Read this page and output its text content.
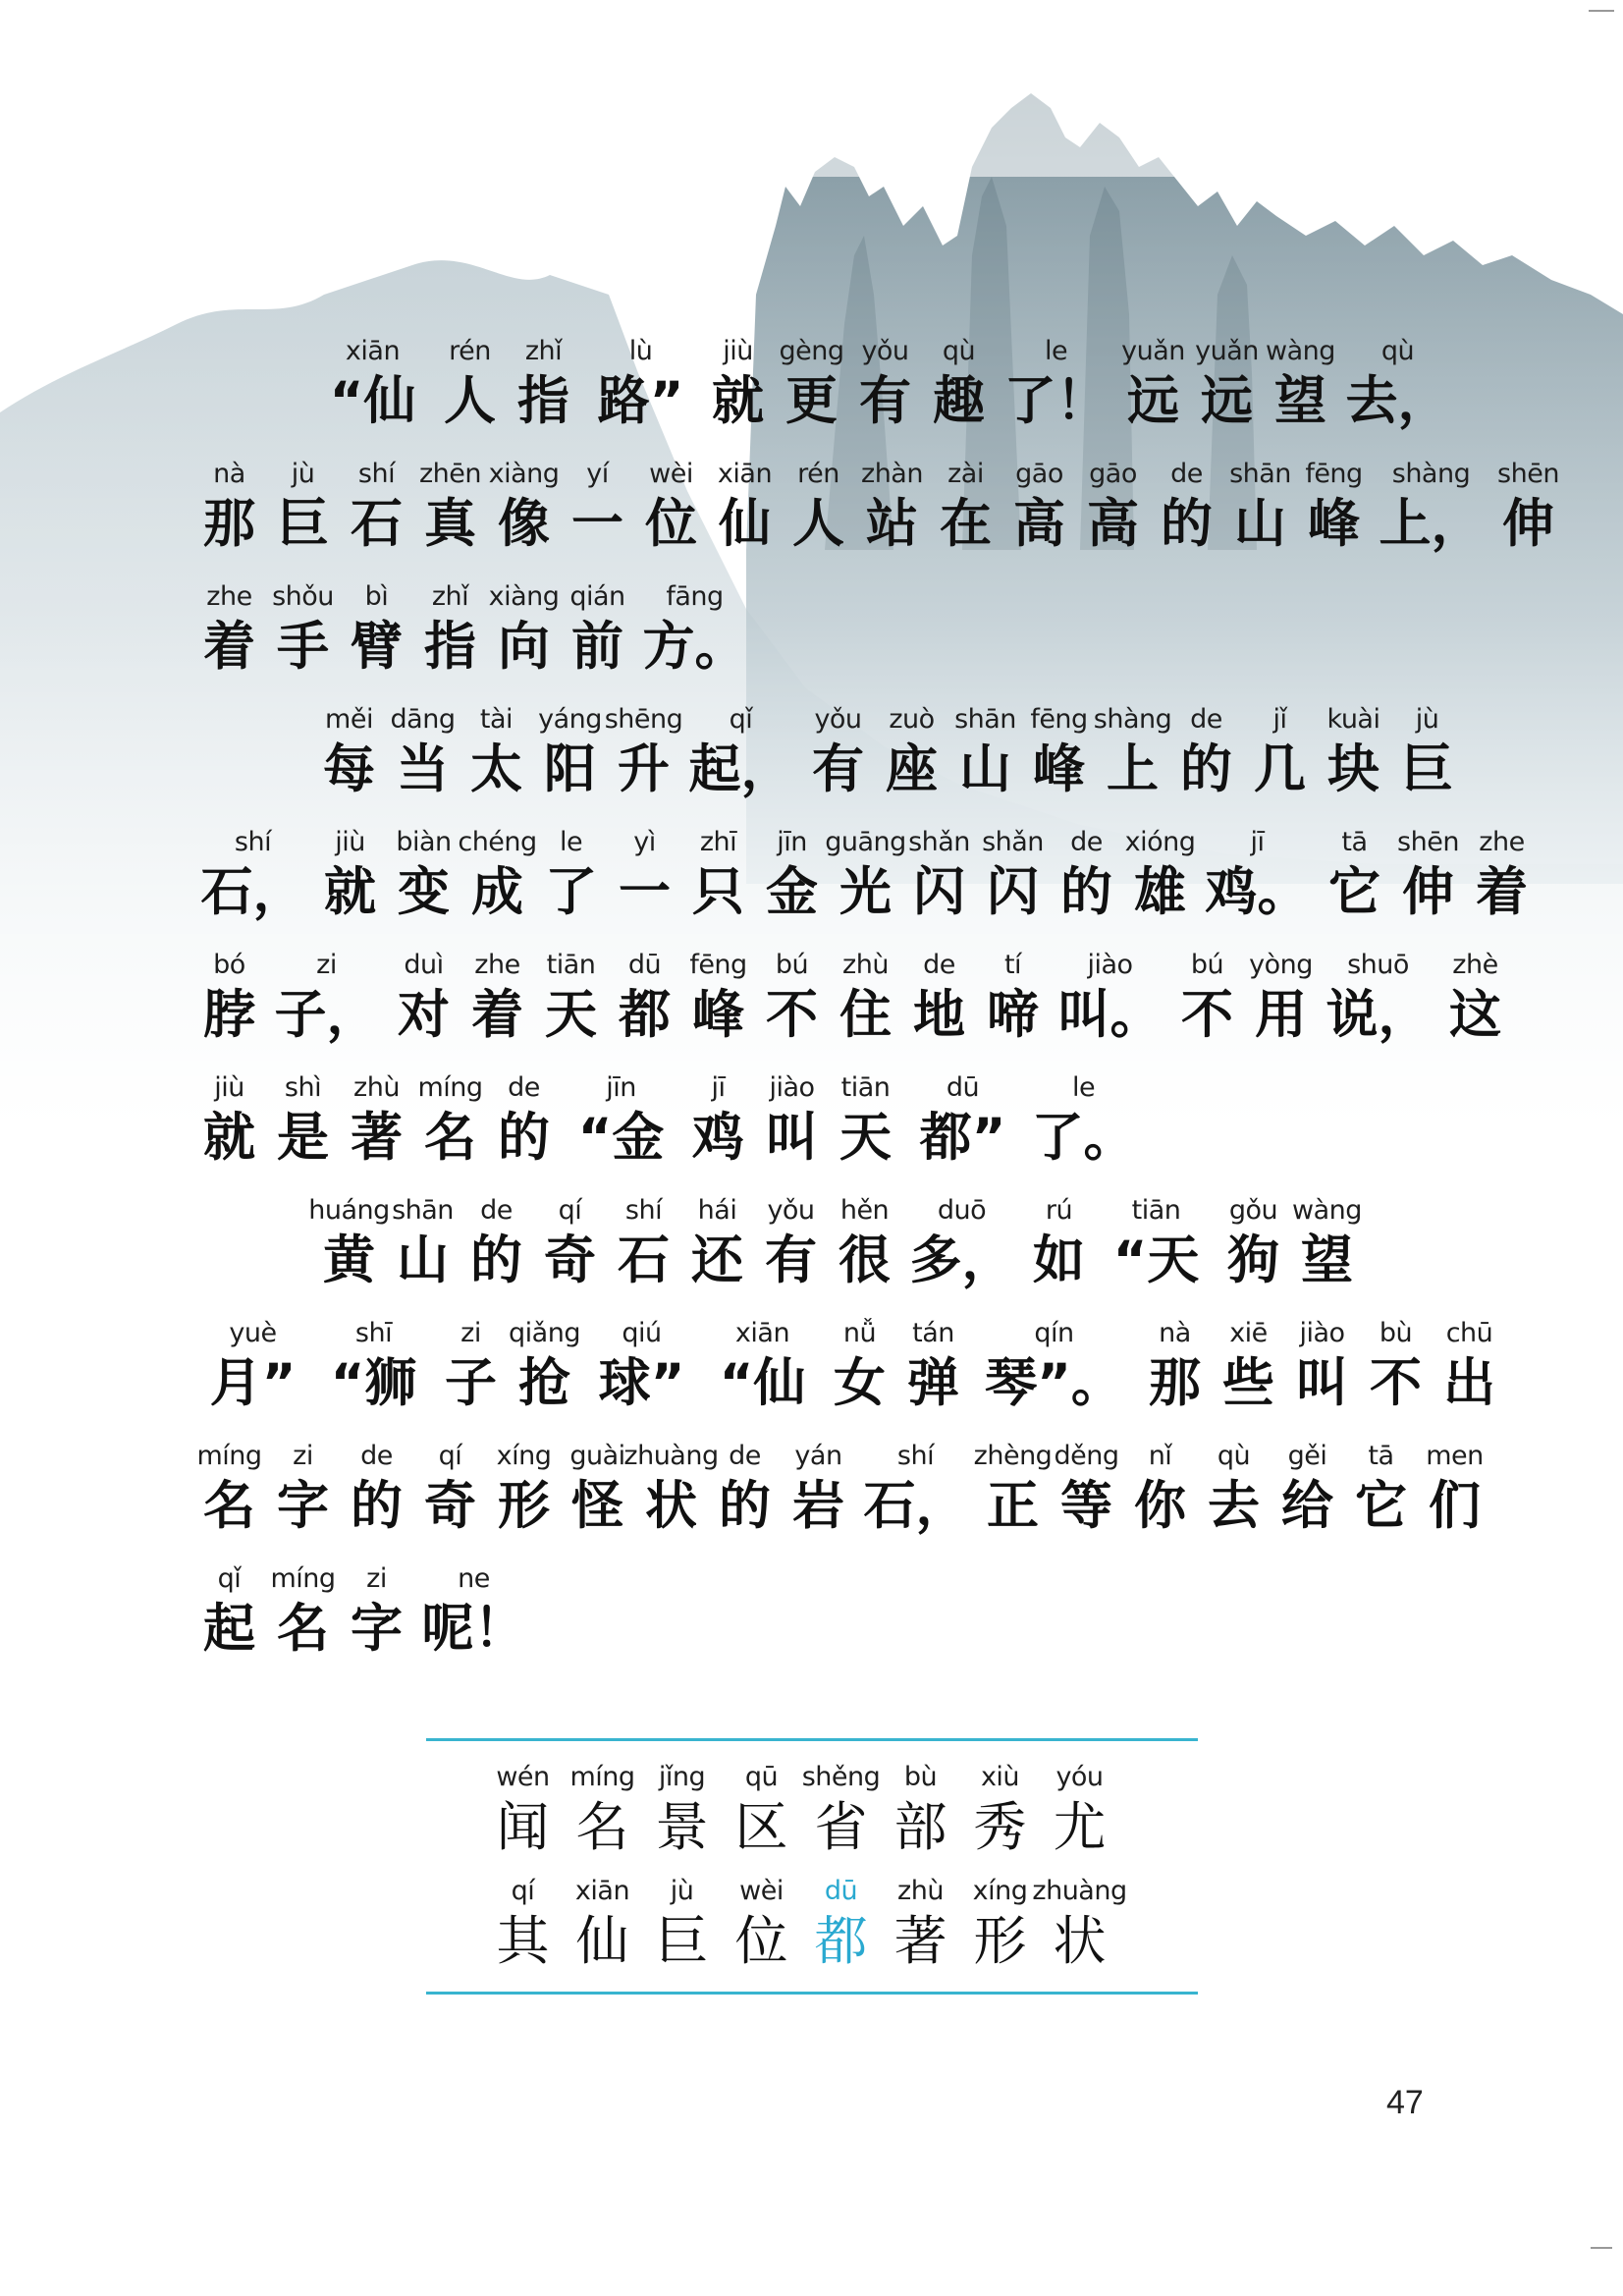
xiān
“仙
rén
人
zhǐ
指
lù
路”
jiù
就
gèng
更
yǒu
有
qù
趣
le
了！
yuǎn
远
yuǎn
远
wàng
望
qù
去，
nà
那
jù
巨
shí
石
zhēn
真
xiàng
像
yí
一
wèi
位
xiān
仙
rén
人
zhàn
站
zài
在
gāo
高
gāo
高
de
的
shān
山
fēng
峰
shàng
上，
shēn
伸
zhe
着
shǒu
手
bì
臂
zhǐ
指
xiàng
向
qián
前
fāng
方。
měi
每
dāng
当
tài
太
yáng
阳
shēng
升
qǐ
起，
yǒu
有
zuò
座
shān
山
fēng
峰
shàng
上
de
的
jǐ
几
kuài
块
jù
巨
shí
石，
jiù
就
biàn
变
chéng
成
le
了
yì
一
zhī
只
jīn
金
guāng
光
shǎn
闪
shǎn
闪
de
的
xióng
雄
jī
鸡。
tā
它
shēn
伸
zhe
着
bó
脖
zi
子，
duì
对
zhe
着
tiān
天
dū
都
fēng
峰
bú
不
zhù
住
de
地
tí
啼
jiào
叫。
bú
不
yòng
用
shuō
说，
zhè
这
jiù
就
shì
是
zhù
著
míng
名
de
的
jīn
“金
jī
鸡
jiào
叫
tiān
天
dū
都”
le
了。
huáng
黄
shān
山
de
的
qí
奇
shí
石
hái
还
yǒu
有
hěn
很
duō
多，
rú
如
tiān
“天
gǒu
狗
wàng
望
yuè
月”
shī
“狮
zi
子
qiǎng
抢
qiú
球”
xiān
“仙
nǚ
女
tán
弹
qín
琴”。
nà
那
xiē
些
jiào
叫
bù
不
chū
出
míng
名
zi
字
de
的
qí
奇
xíng
形
guài
怪
zhuàng
状
de
的
yán
岩
shí
石，
zhèng
正
děng
等
nǐ
你
qù
去
gěi
给
tā
它
men
们
qǐ
起
míng
名
zi
字
ne
呢！
wén
闻
míng
名
jǐng
景
qū
区
shěng
省
bù
部
xiù
秀
yóu
尤
qí
其
xiān
仙
jù
巨
wèi
位
dū
都
zhù
著
xíng
形
zhuàng
状
47
